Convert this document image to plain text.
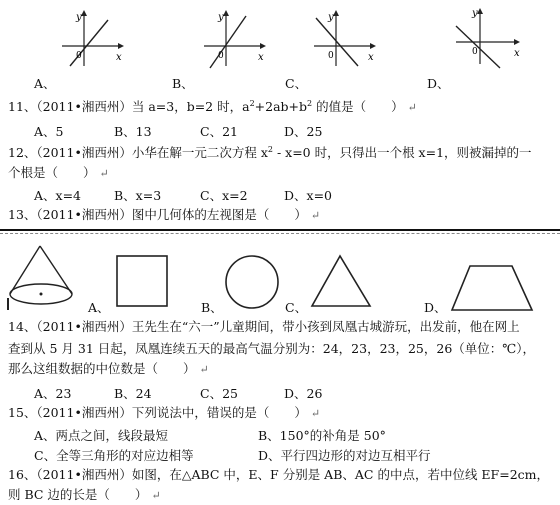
y
0	x
y
0	x
y
0	x
y
0	x
A、	B、	C、	D、
11、（2011•湘西州）当 a=3，b=2 时，$a^2+2ab+b^2$ 的值是（　　） ↵
A、5	B、13	C、21	D、25
12、（2011•湘西州）小华在解一元二次方程 $x^2 - x=0$ 时，只得出一个根 x=1，则被漏掉的一
个根是（　　） ↵
A、x=4	B、x=3	C、x=2	D、x=0
13、（2011•湘西州）图中几何体的左视图是（　　） ↵
A、	B、	C、	D、
14、（2011•湘西州）王先生在“六一”儿童期间，带小孩到凤凰古城游玩，出发前，他在网上
查到从 5 月 31 日起，凤凰连续五天的最高气温分别为：24，23，23，25，26（单位：℃），
那么这组数据的中位数是（　　） ↵
A、23	B、24	C、25	D、26
15、（2011•湘西州）下列说法中，错误的是（　　） ↵
A、两点之间，线段最短	B、150°的补角是 50°
C、全等三角形的对应边相等	D、平行四边形的对边互相平行
16、（2011•湘西州）如图，在△ABC 中，E、F 分别是 AB、AC 的中点，若中位线 EF=2cm，
则 BC 边的长是（　　） ↵
